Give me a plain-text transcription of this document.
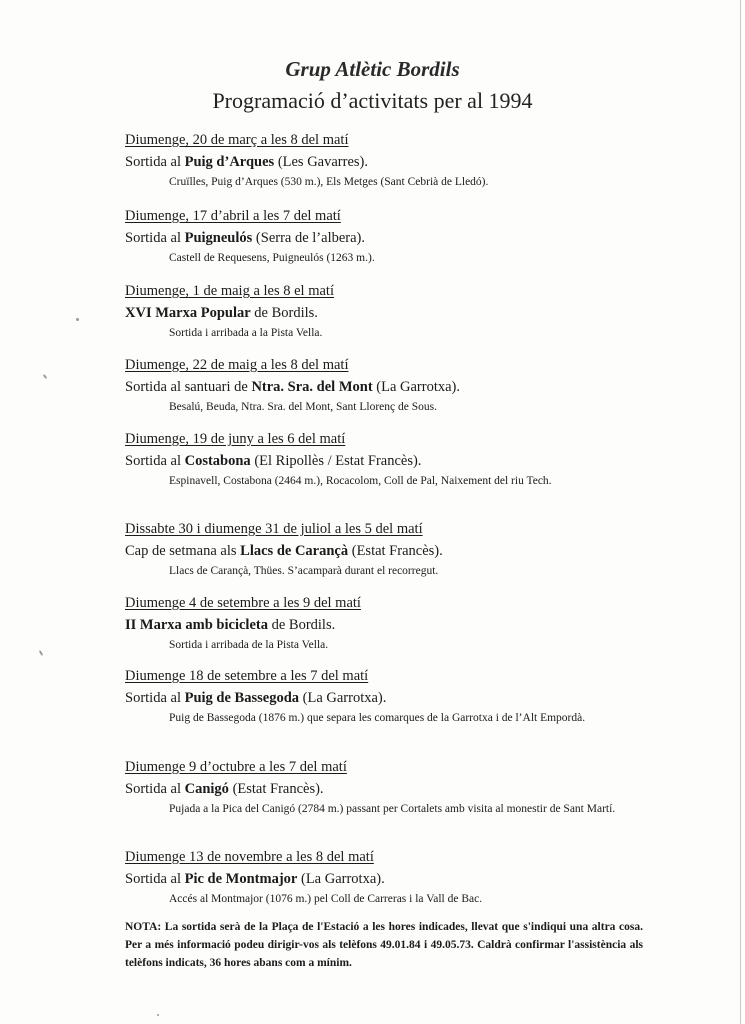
Grup Atlètic Bordils
Programació d’activitats per al 1994
Diumenge, 20 de març a les 8 del matí
Sortida al Puig d’Arques (Les Gavarres).
Cruïlles, Puig d’Arques (530 m.), Els Metges (Sant Cebrià de Lledó).
Diumenge, 17 d’abril a les 7 del matí
Sortida al Puigneulós (Serra de l’albera).
Castell de Requesens, Puigneulós (1263 m.).
Diumenge, 1 de maig a les 8 el matí
XVI Marxa Popular de Bordils.
Sortida i arribada a la Pista Vella.
Diumenge, 22 de maig a les 8 del matí
Sortida al santuari de Ntra. Sra. del Mont (La Garrotxa).
Besalú, Beuda, Ntra. Sra. del Mont, Sant Llorenç de Sous.
Diumenge, 19 de juny a les 6 del matí
Sortida al Costabona (El Ripollès / Estat Francès).
Espinavell, Costabona (2464 m.), Rocacolom, Coll de Pal, Naixement del riu Tech.
Dissabte 30 i diumenge 31 de juliol a les 5 del matí
Cap de setmana als Llacs de Carançà (Estat Francès).
Llacs de Carançà, Thües. S’acamparà durant el recorregut.
Diumenge 4 de setembre a les 9 del matí
II Marxa amb bicicleta de Bordils.
Sortida i arribada de la Pista Vella.
Diumenge 18 de setembre a les 7 del matí
Sortida al Puig de Bassegoda (La Garrotxa).
Puig de Bassegoda (1876 m.) que separa les comarques de la Garrotxa i de l’Alt Empordà.
Diumenge 9 d’octubre a les 7 del matí
Sortida al Canigó (Estat Francès).
Pujada a la Pica del Canigó (2784 m.) passant per Cortalets amb visita al monestir de Sant Martí.
Diumenge 13 de novembre a les 8 del matí
Sortida al Pic de Montmajor (La Garrotxa).
Accés al Montmajor (1076 m.) pel Coll de Carreras i la Vall de Bac.
NOTA: La sortida serà de la Plaça de l'Estació a les hores indicades, llevat que s'indiqui una altra cosa. Per a més informació podeu dirigir-vos als telèfons 49.01.84 i 49.05.73. Caldrà confirmar l'assistència als telèfons indicats, 36 hores abans com a mínim.
